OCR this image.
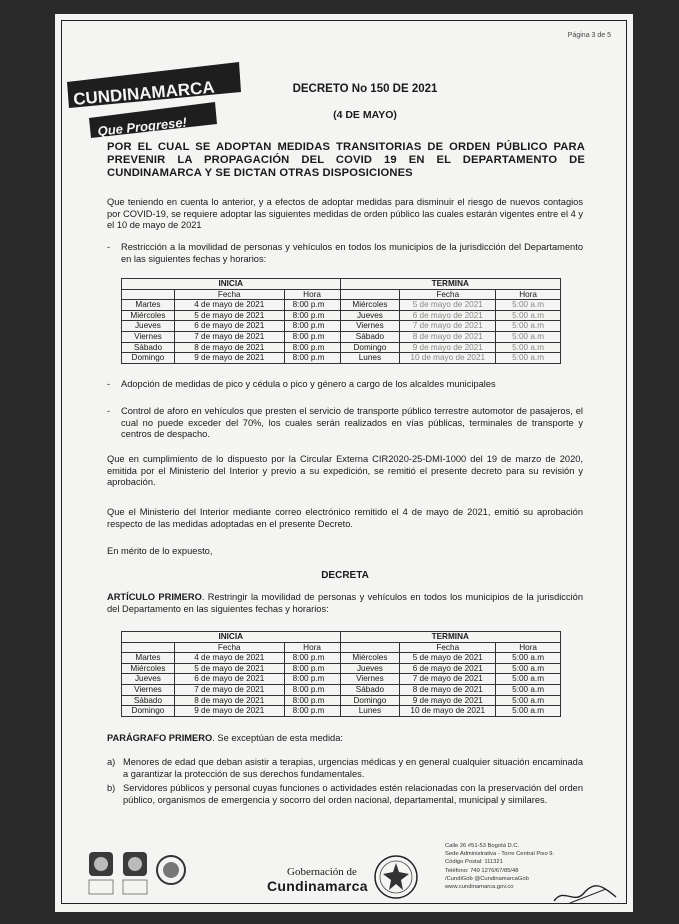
Página 3 de 5
CUNDINAMARCA
Que Progrese!
DECRETO No 150 DE 2021
(4 DE MAYO)
POR EL CUAL SE ADOPTAN MEDIDAS TRANSITORIAS DE ORDEN PÚBLICO PARA PREVENIR LA PROPAGACIÓN DEL COVID 19 EN EL DEPARTAMENTO DE CUNDINAMARCA Y SE DICTAN OTRAS DISPOSICIONES
Que teniendo en cuenta lo anterior, y a efectos de adoptar medidas para disminuir el riesgo de nuevos contagios por COVID-19, se requiere adoptar las siguientes medidas de orden público las cuales estarán vigentes entre el 4 y el 10 de mayo de 2021
- Restricción a la movilidad de personas y vehículos en todos los municipios de la jurisdicción del Departamento en las siguientes fechas y horarios:
INICIA			TERMINA		
	Fecha	Hora		Fecha	Hora
Martes	4 de mayo de 2021	8:00 p.m	Miércoles	5 de mayo de 2021	5:00 a.m
Miércoles	5 de mayo de 2021	8:00 p.m	Jueves	6 de mayo de 2021	5:00 a.m
Jueves	6 de mayo de 2021	8:00 p.m	Viernes	7 de mayo de 2021	5:00 a.m
Viernes	7 de mayo de 2021	8:00 p.m	Sábado	8 de mayo de 2021	5:00 a.m
Sábado	8 de mayo de 2021	8:00 p.m	Domingo	9 de mayo de 2021	5:00 a.m
Domingo	9 de mayo de 2021	8:00 p.m	Lunes	10 de mayo de 2021	5:00 a.m
- Adopción de medidas de pico y cédula o pico y género a cargo de los alcaldes municipales
- Control de aforo en vehículos que presten el servicio de transporte público terrestre automotor de pasajeros, el cual no puede exceder del 70%, los cuales serán realizados en vías públicas, terminales de transporte y centros de despacho.
Que en cumplimiento de lo dispuesto por la Circular Externa CIR2020-25-DMI-1000 del 19 de marzo de 2020, emitida por el Ministerio del Interior y previo a su expedición, se remitió el presente decreto para su revisión y aprobación.
Que el Ministerio del Interior mediante correo electrónico remitido el 4 de mayo de 2021, emitió su aprobación respecto de las medidas adoptadas en el presente Decreto.
En mérito de lo expuesto,
DECRETA
ARTÍCULO PRIMERO. Restringir la movilidad de personas y vehículos en todos los municipios de la jurisdicción del Departamento en las siguientes fechas y horarios:
INICIA			TERMINA		
	Fecha	Hora		Fecha	Hora
Martes	4 de mayo de 2021	8:00 p.m	Miércoles	5 de mayo de 2021	5:00 a.m
Miércoles	5 de mayo de 2021	8:00 p.m	Jueves	6 de mayo de 2021	5:00 a.m
Jueves	6 de mayo de 2021	8:00 p.m	Viernes	7 de mayo de 2021	5:00 a.m
Viernes	7 de mayo de 2021	8:00 p.m	Sábado	8 de mayo de 2021	5:00 a.m
Sábado	8 de mayo de 2021	8:00 p.m	Domingo	9 de mayo de 2021	5:00 a.m
Domingo	9 de mayo de 2021	8:00 p.m	Lunes	10 de mayo de 2021	5:00 a.m
PARÁGRAFO PRIMERO. Se exceptúan de esta medida:
a) Menores de edad que deban asistir a terapias, urgencias médicas y en general cualquier situación encaminada a garantizar la protección de sus derechos fundamentales.
b) Servidores públicos y personal cuyas funciones o actividades estén relacionadas con la preservación del orden público, organismos de emergencia y socorro del orden nacional, departamental, municipal y similares.
Gobernación de
Cundinamarca
Calle 26 #51-53 Bogotá D.C.
Sede Administrativa - Torre Central Piso 9.
Código Postal: 111321
Teléfono: 749 1276/67/85/48
/CundiGob @CundinamarcaGob
www.cundinamarca.gov.co
